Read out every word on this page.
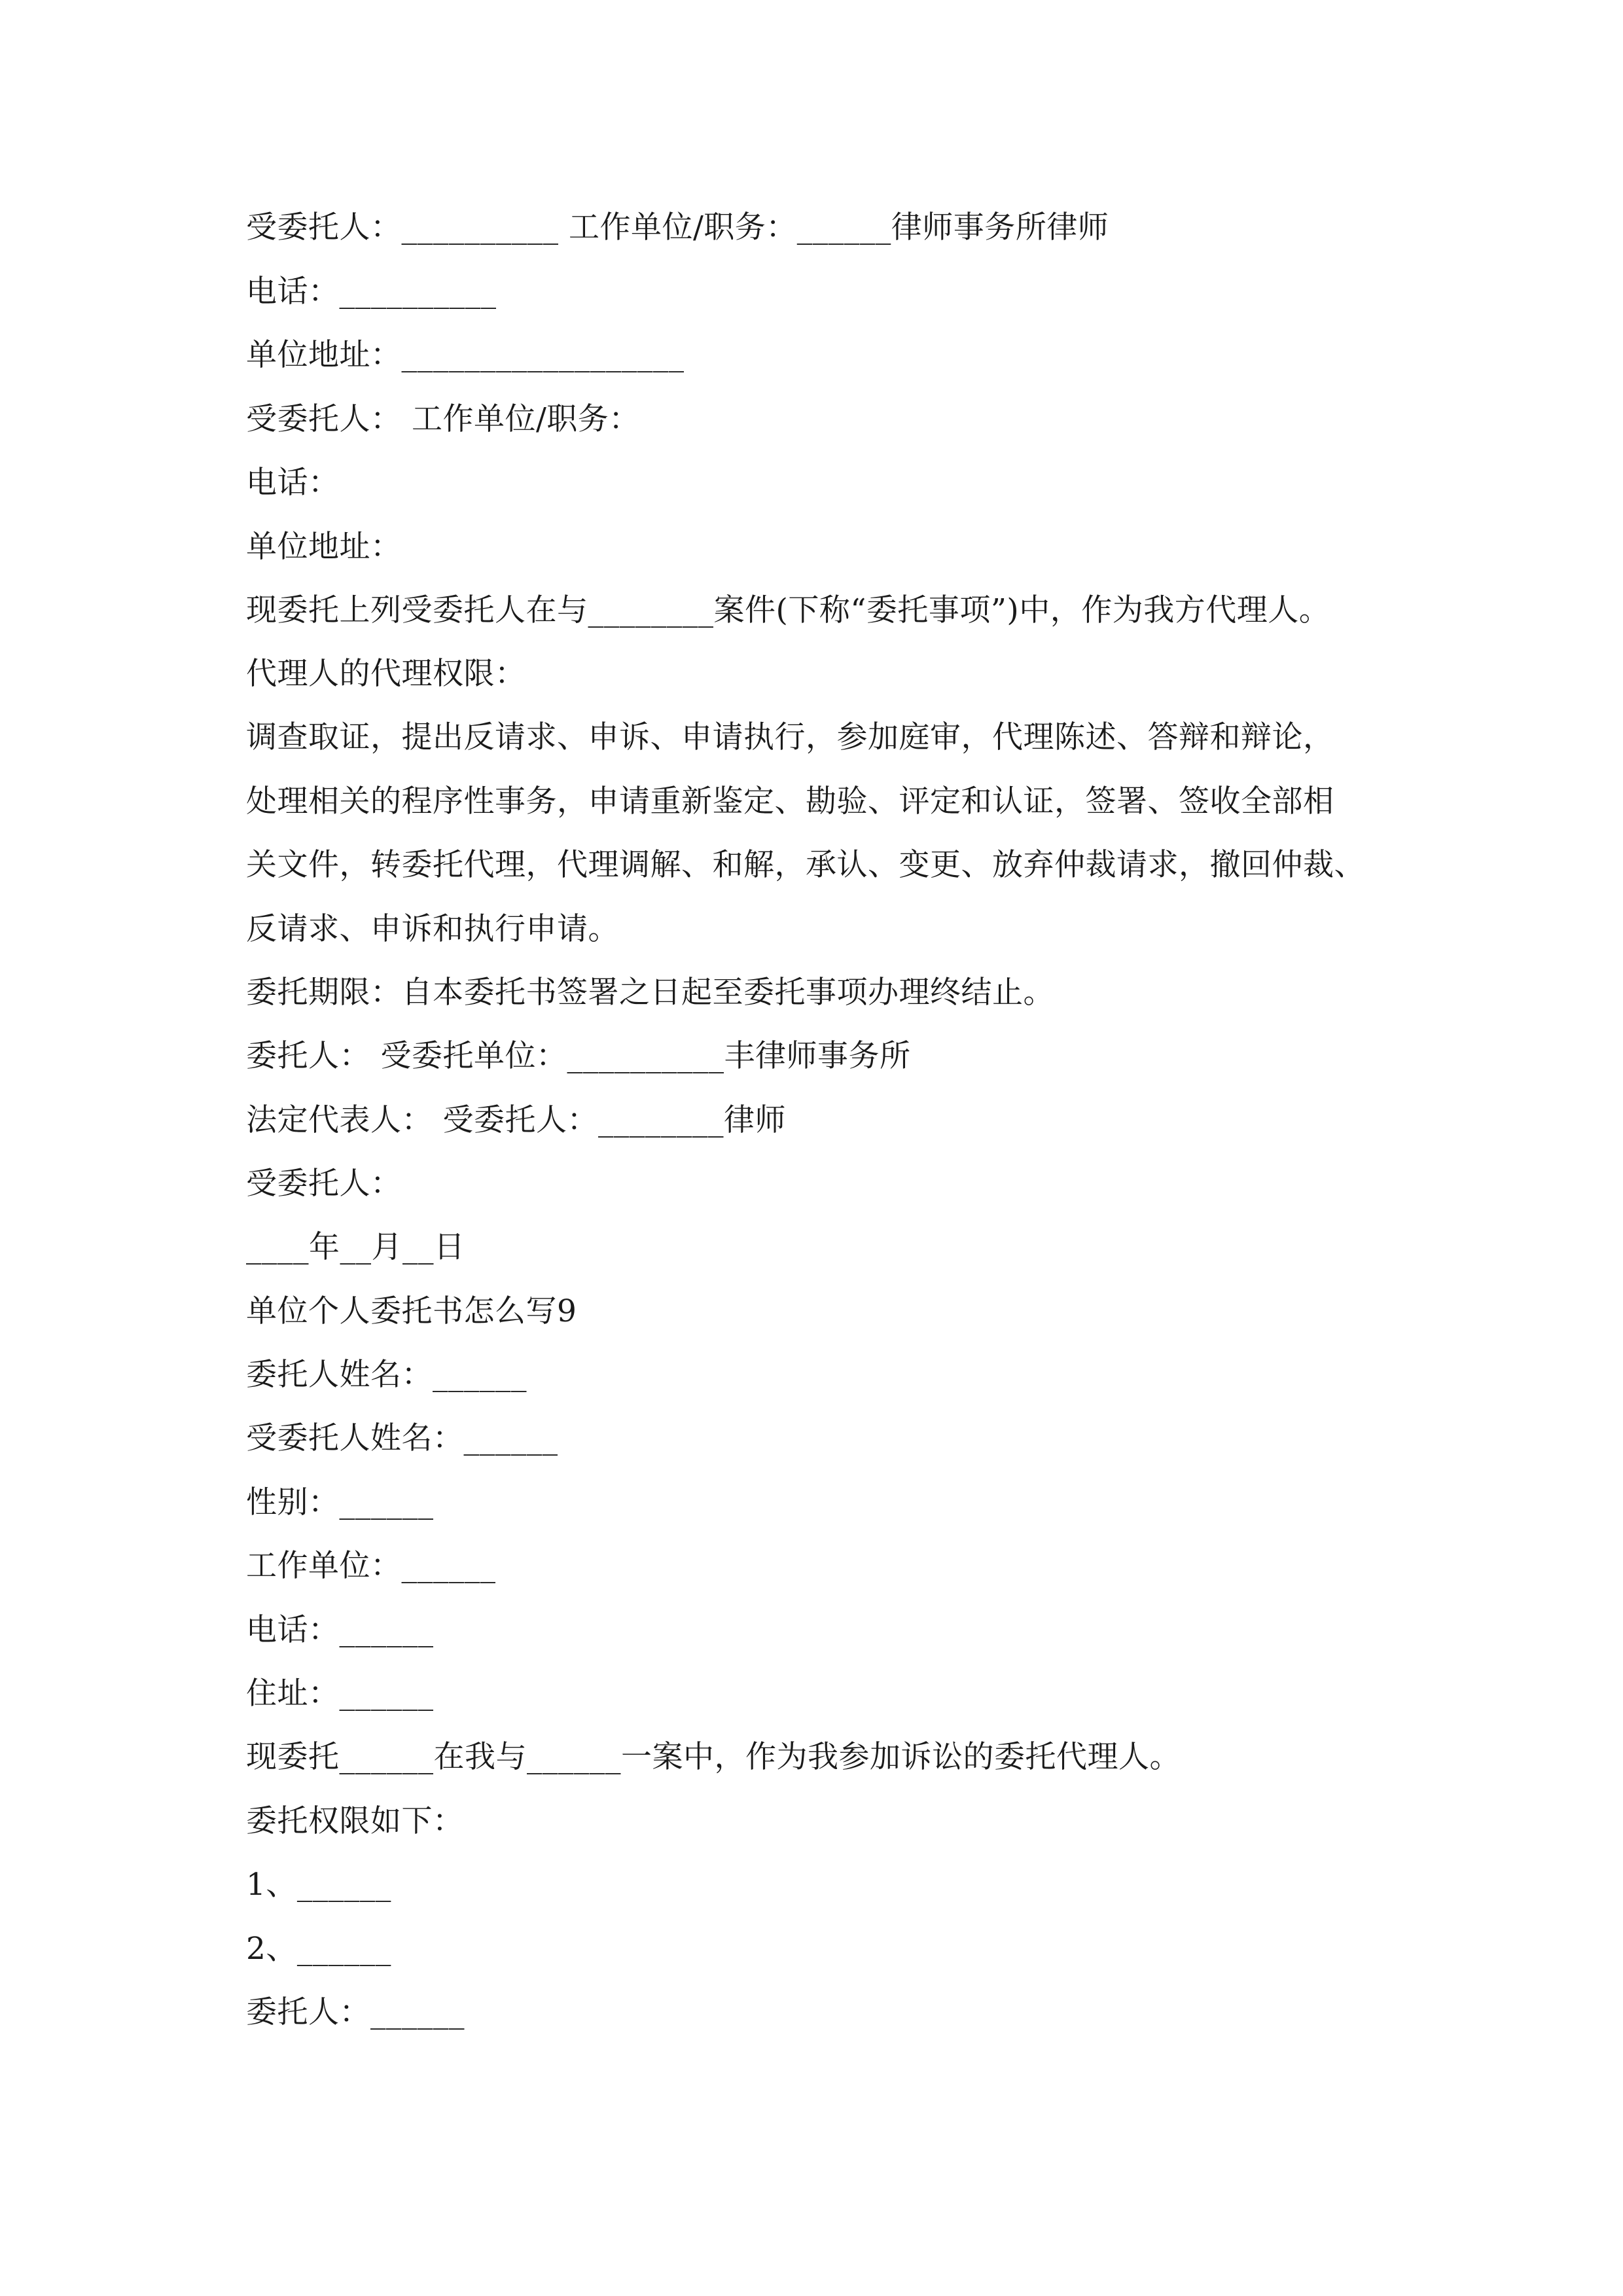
受委托人：__________ 工作单位/职务：______律师事务所律师
电话：__________
单位地址：__________________
受委托人： 工作单位/职务：
电话：
单位地址：
现委托上列受委托人在与________案件(下称“委托事项”)中，作为我方代理人。
代理人的代理权限：
调查取证，提出反请求、申诉、申请执行，参加庭审，代理陈述、答辩和辩论，
处理相关的程序性事务，申请重新鉴定、勘验、评定和认证，签署、签收全部相
关文件，转委托代理，代理调解、和解，承认、变更、放弃仲裁请求，撤回仲裁、
反请求、申诉和执行申请。
委托期限：自本委托书签署之日起至委托事项办理终结止。
委托人： 受委托单位：__________丰律师事务所
法定代表人： 受委托人：________律师
受委托人：
____年__月__日
单位个人委托书怎么写9
委托人姓名：______
受委托人姓名：______
性别：______
工作单位：______
电话：______
住址：______
现委托______在我与______一案中，作为我参加诉讼的委托代理人。
委托权限如下：
1、______
2、______
委托人：______
